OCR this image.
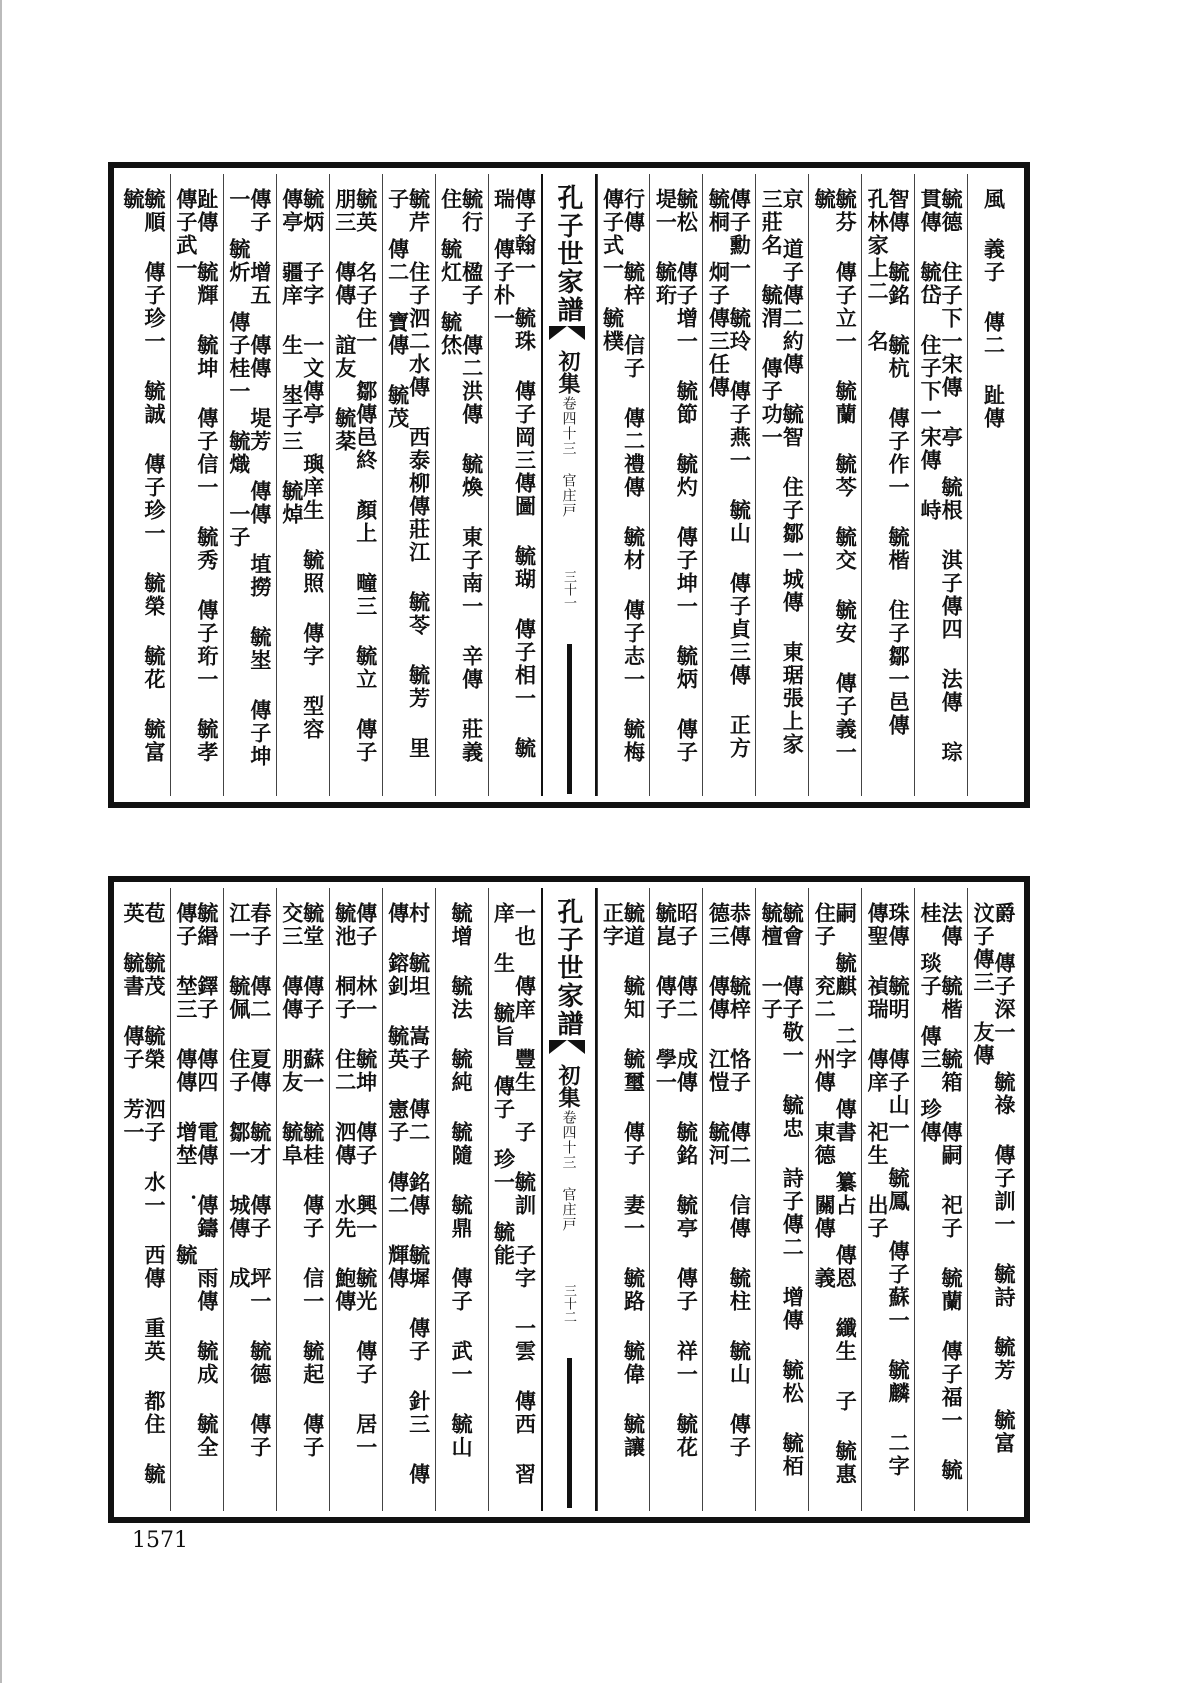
風 義子 傳二 趾傳
毓德 住子下一宋傳 亭 毓根 淇子傳四 法傳 琮貫傳 毓岱 住子下一宋傳 峙
智傳 毓銘 毓杭 傳子作一 毓楷 住子鄒一邑傳 孔林家上二 名
毓芬 傳子立一 毓蘭 毓芩 毓交 毓安 傳子義一 毓
京 道子傳二約傳 毓智 住子鄒一城傳 東琚張上家三莊名 毓渭 傳子功一
傳子勳一 毓玲 傳子燕一 毓山 傳子貞三傳 正方 毓桐 炯子傳三任傳
毓松 傳子增一 毓節 毓灼 傳子坤一 毓炳 傳子堤一 毓珩
行傳 毓梓 信子 傳二禮傳 毓材 傳子志一 毓梅 傳子式一 毓樸
孔子世家譜
初集
卷四十三 官庄戸
三十一
傳子翰一 毓珠 傳子岡三傳圖 毓瑚 傳子相一 毓瑞 傳子朴一
毓行 楹子 傳二洪傳 毓煥 東子南一 辛傳 莊義 住 毓灴 毓烋
毓芹 住子泗二水傳 西泰柳傳莊江 毓苓 毓芳 里子 傳二 寶傳 毓茂
毓英 名子住一 鄒傳邑終 顏上 疃三 毓立 傳子朋三 傳傳 誼友 毓棻
毓炳 子字 一文傳亭 璵庠生 毓照 傳字 型容 傳亭 疆庠 生 埊子三 毓焯
傳子 增五 傳傳 堤芳 傳傳 埴撈 毓埊 傳子坤一 毓炘 傳子桂一 毓熾 一子
趾傳 毓輝 毓坤 傳子信一 毓秀 傳子珩一 毓孝 傳子武一
毓順 傳子珍一 毓誠 傳子珍一 毓榮 毓花 毓富 毓
爵 傳子深一 毓祿 傳子訓一 毓詩 毓芳 毓富 汶子傳三 友傳
法傳 毓楷 毓箱 傳嗣 祀子 毓蘭 傳子福一 毓桂 琰子 傳三 珍傳
珠傳 毓明 傳子山一 毓鳳 傳子蘇一 毓麟 二字 傳聖 禎瑞 傳庠 祀生 出子
嗣 毓麒 二字 傳書 纂占 傳恩 纖生 子 毓惠 住子 兖二 州傳 東德 關傳 義
毓會 傳子敬一 毓忠 詩子傳二 增傳 毓松 毓栢 毓檀 一子
恭傳 毓梓 恪子 傳二 信傳 毓柱 毓山 傳子 德三 傳傳 江愷 毓河
昭子 傳二 成傳 毓銘 毓亭 傳子 祥一 毓花 毓崑 傳子 學一
毓道 毓知 毓璽 傳子 妻一 毓路 毓偉 毓讓 正字
孔子世家譜
初集
卷四十三 官庄戸
三十二
一也 傳庠 豐生 子 毓訓 子字 一雲 傳西 習庠 生 毓旨 傳子 珍一 毓能
毓增 毓法 毓純 毓隨 毓鼎 傳子 武一 毓山
村 毓坦 嵩子 傳二 銘傳 毓墀 傳子 針三 傳傳 鎔釗 毓英 憲子 傳二 輝傳
傳子 林一 毓坤 傳子 興一 毓光 傳子 居一 毓池 桐子 住二 泗傳 水先 鮑傳
毓堂 傳子 蘇一 毓桂 傳子 信一 毓起 傳子 交三 傳傳 朋友 毓阜
春子 傳二 夏傳 毓才 傳子 坪一 毓德 傳子 江一 毓佩 住子 鄒一 城傳 成
毓緡 鐸子 傳四 電傳 傳鑄 雨傳 毓成 毓全 傳子 埜三 傳傳 增埜 ． 毓
苞 毓茂 毓榮 泗子 水一 西傳 重英 都住 毓英 毓書 傳子 芳一
1571
